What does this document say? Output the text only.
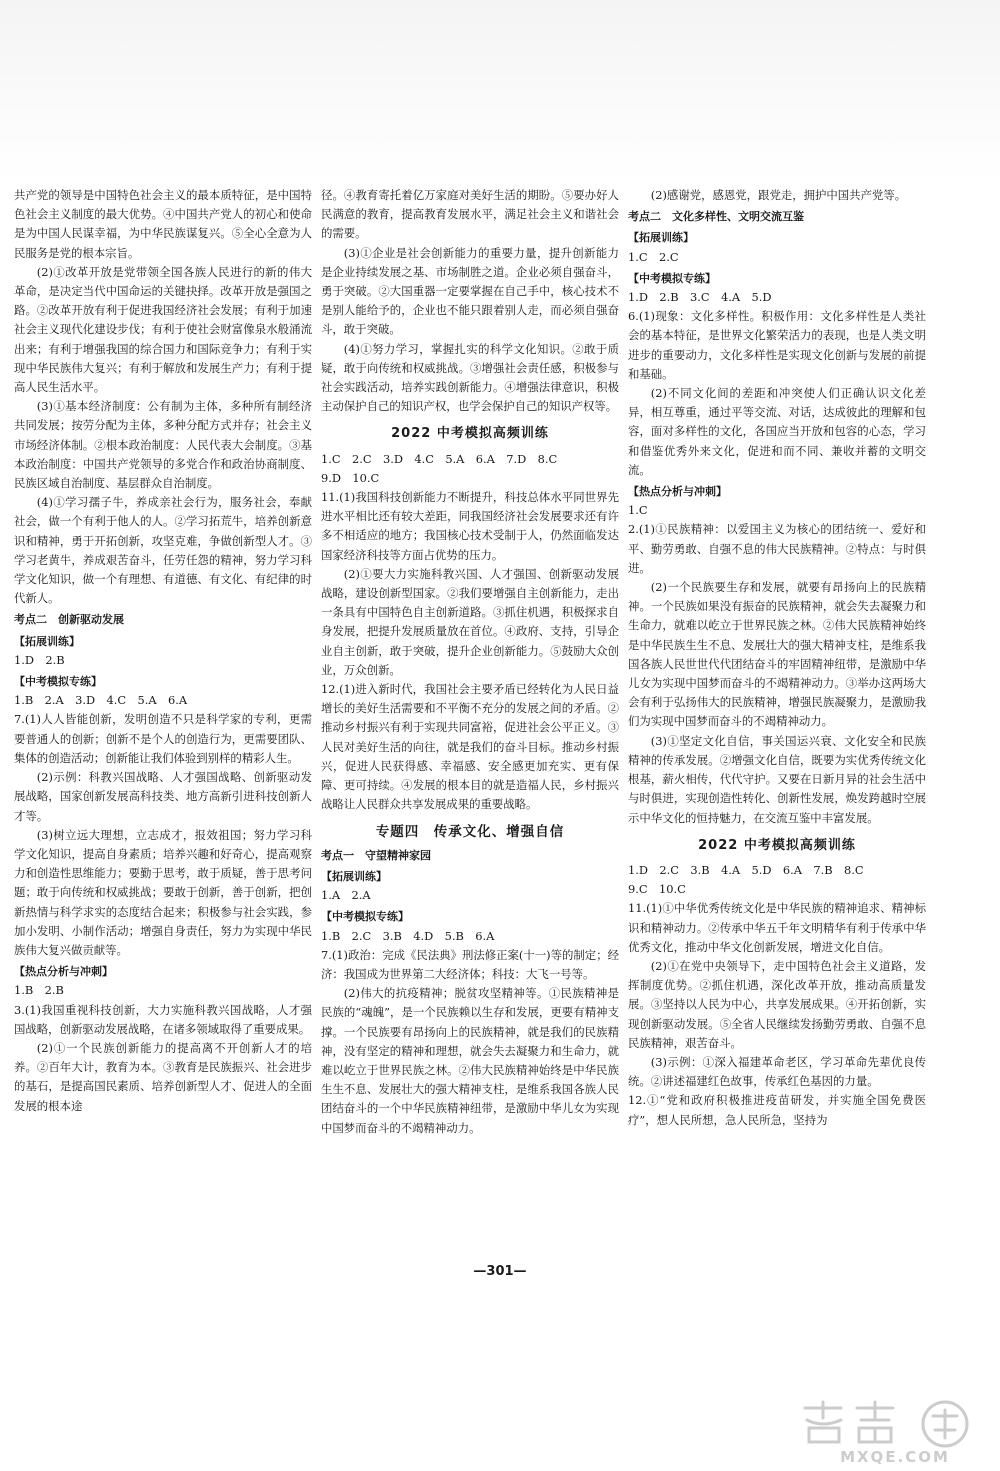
共产党的领导是中国特色社会主义的最本质特征，是中国特色社会主义制度的最大优势。④中国共产党人的初心和使命是为中国人民谋幸福，为中华民族谋复兴。⑤全心全意为人民服务是党的根本宗旨。

(2)①改革开放是党带领全国各族人民进行的新的伟大革命，是决定当代中国命运的关键抉择。改革开放是强国之路。②改革开放有利于促进我国经济社会发展；有利于加速社会主义现代化建设步伐；有利于使社会财富像泉水般涌流出来；有利于增强我国的综合国力和国际竞争力；有利于实现中华民族伟大复兴；有利于解放和发展生产力；有利于提高人民生活水平。

(3)①基本经济制度：公有制为主体，多种所有制经济共同发展；按劳分配为主体，多种分配方式并存；社会主义市场经济体制。②根本政治制度：人民代表大会制度。③基本政治制度：中国共产党领导的多党合作和政治协商制度、民族区域自治制度、基层群众自治制度。

(4)①学习孺子牛，养成亲社会行为，服务社会，奉献社会，做一个有利于他人的人。②学习拓荒牛，培养创新意识和精神，勇于开拓创新，攻坚克难，争做创新型人才。③学习老黄牛，养成艰苦奋斗，任劳任怨的精神，努力学习科学文化知识，做一个有理想、有道德、有文化、有纪律的时代新人。

考点二　创新驱动发展
【拓展训练】
1.D　2.B
【中考模拟专练】
1.B　2.A　3.D　4.C　5.A　6.A

7.(1)人人皆能创新，发明创造不只是科学家的专利，更需要普通人的创新；创新不是个人的创造行为，更需要团队、集体的创造活动；创新能让我们体验到别样的精彩人生。

(2)示例：科教兴国战略、人才强国战略、创新驱动发展战略，国家创新发展高科技类、地方高新引进科技创新人才等。

(3)树立远大理想，立志成才，报效祖国；努力学习科学文化知识，提高自身素质；培养兴趣和好奇心，提高观察力和创造性思维能力；要勤于思考，敢于质疑，善于思考问题；敢于向传统和权威挑战；要敢于创新，善于创新，把创新热情与科学求实的态度结合起来；积极参与社会实践，参加小发明、小制作活动；增强自身责任，努力为实现中华民族伟大复兴做贡献等。

【热点分析与冲刺】
1.B　2.B

3.(1)我国重视科技创新，大力实施科教兴国战略，人才强国战略，创新驱动发展战略，在诸多领域取得了重要成果。

(2)①一个民族创新能力的提高离不开创新人才的培养。②百年大计，教育为本。③教育是民族振兴、社会进步的基石，是提高国民素质、培养创新型人才、促进人的全面发展的根本途

径。④教育寄托着亿万家庭对美好生活的期盼。⑤要办好人民满意的教育，提高教育发展水平，满足社会主义和谐社会的需要。

(3)①企业是社会创新能力的重要力量，提升创新能力是企业持续发展之基、市场制胜之道。企业必须自强奋斗，勇于突破。②大国重器一定要掌握在自己手中，核心技术不是别人能给予的，企业也不能只跟着别人走，而必须自强奋斗，敢于突破。

(4)①努力学习，掌握扎实的科学文化知识。②敢于质疑，敢于向传统和权威挑战。③增强社会责任感，积极参与社会实践活动，培养实践创新能力。④增强法律意识，积极主动保护自己的知识产权，也学会保护自己的知识产权等。

2022 中考模拟高频训练
1.C　2.C　3.D　4.C　5.A　6.A　7.D　8.C
9.D　10.C

11.(1)我国科技创新能力不断提升，科技总体水平同世界先进水平相比还有较大差距，同我国经济社会发展要求还有许多不相适应的地方；我国核心技术受制于人，仍然面临发达国家经济科技等方面占优势的压力。

(2)①要大力实施科教兴国、人才强国、创新驱动发展战略，建设创新型国家。②我们要增强自主创新能力，走出一条具有中国特色自主创新道路。③抓住机遇，积极探求自身发展，把提升发展质量放在首位。④政府、支持，引导企业自主创新，敢于突破，提升企业创新能力。⑤鼓励大众创业，万众创新。

12.(1)进入新时代，我国社会主要矛盾已经转化为人民日益增长的美好生活需要和不平衡不充分的发展之间的矛盾。②推动乡村振兴有利于实现共同富裕，促进社会公平正义。③人民对美好生活的向往，就是我们的奋斗目标。推动乡村振兴，促进人民获得感、幸福感、安全感更加充实、更有保障、更可持续。④发展的根本目的就是造福人民，乡村振兴战略让人民群众共享发展成果的重要战略。

专题四　传承文化、增强自信
考点一　守望精神家园
【拓展训练】
1.A　2.A
【中考模拟专练】
1.B　2.C　3.B　4.D　5.B　6.A

7.(1)政治：完成《民法典》刑法修正案(十一)等的制定；经济：我国成为世界第二大经济体；科技：大飞一号等。

(2)伟大的抗疫精神；脱贫攻坚精神等。①民族精神是民族的“魂魄”，是一个民族赖以生存和发展，更要有精神支撑。一个民族要有昂扬向上的民族精神，就是我们的民族精神，没有坚定的精神和理想，就会失去凝聚力和生命力，就难以屹立于世界民族之林。②伟大民族精神始终是中华民族生生不息、发展壮大的强大精神支柱，是维系我国各族人民团结奋斗的一个中华民族精神纽带，是激励中华儿女为实现中国梦而奋斗的不竭精神动力。

(2)感谢党，感恩党，跟党走，拥护中国共产党等。

考点二　文化多样性、文明交流互鉴
【拓展训练】
1.C　2.C
【中考模拟专练】
1.D　2.B　3.C　4.A　5.D

6.(1)现象：文化多样性。积极作用：文化多样性是人类社会的基本特征，是世界文化繁荣活力的表现，也是人类文明进步的重要动力，文化多样性是实现文化创新与发展的前提和基础。

(2)不同文化间的差距和冲突使人们正确认识文化差异，相互尊重，通过平等交流、对话，达成彼此的理解和包容，面对多样性的文化，各国应当开放和包容的心态，学习和借鉴优秀外来文化，促进和而不同、兼收并蓄的文明交流。

【热点分析与冲刺】
1.C

2.(1)①民族精神：以爱国主义为核心的团结统一、爱好和平、勤劳勇敢、自强不息的伟大民族精神。②特点：与时俱进。

(2)一个民族要生存和发展，就要有昂扬向上的民族精神。一个民族如果没有振奋的民族精神，就会失去凝聚力和生命力，就难以屹立于世界民族之林。②伟大民族精神始终是中华民族生生不息、发展壮大的强大精神支柱，是维系我国各族人民世世代代团结奋斗的牢固精神纽带，是激励中华儿女为实现中国梦而奋斗的不竭精神动力。③举办这两场大会有利于弘扬伟大的民族精神，增强民族凝聚力，是激励我们为实现中国梦而奋斗的不竭精神动力。

(3)①坚定文化自信，事关国运兴衰、文化安全和民族精神的传承发展。②增强文化自信，既要为实优秀传统文化根基，薪火相传，代代守护。又要在日新月异的社会生活中与时俱进，实现创造性转化、创新性发展，焕发跨越时空展示中华文化的恒持魅力，在交流互鉴中丰富发展。

2022 中考模拟高频训练
1.D　2.C　3.B　4.A　5.D　6.A　7.B　8.C
9.C　10.C

11.(1)①中华优秀传统文化是中华民族的精神追求、精神标识和精神动力。②传承中华五千年文明精华有利于传承中华优秀文化，推动中华文化创新发展，增进文化自信。

(2)①在党中央领导下，走中国特色社会主义道路，发挥制度优势。②抓住机遇，深化改革开放，推动高质量发展。③坚持以人民为中心，共享发展成果。④开拓创新，实现创新驱动发展。⑤全省人民继续发扬勤劳勇敢、自强不息民族精神，艰苦奋斗。

(3)示例：①深入福建革命老区，学习革命先辈优良传统。②讲述福建红色故事，传承红色基因的力量。

12.①“党和政府积极推进疫苗研发，并实施全国免费医疗”，想人民所想，急人民所急，坚持为

—301—
MXQE.COM
